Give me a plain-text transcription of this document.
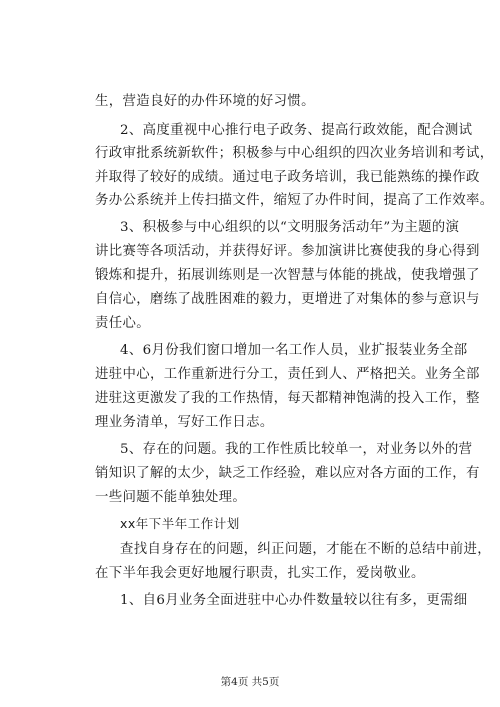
生，营造良好的办件环境的好习惯。
2、高度重视中心推行电子政务、提高行政效能，配合测试
行政审批系统新软件；积极参与中心组织的四次业务培训和考试，
并取得了较好的成绩。通过电子政务培训，我已能熟练的操作政
务办公系统并上传扫描文件，缩短了办件时间，提高了工作效率。
3、积极参与中心组织的以“文明服务活动年”为主题的演
讲比赛等各项活动，并获得好评。参加演讲比赛使我的身心得到
锻炼和提升，拓展训练则是一次智慧与体能的挑战，使我增强了
自信心，磨练了战胜困难的毅力，更增进了对集体的参与意识与
责任心。
4、6月份我们窗口增加一名工作人员，业扩报装业务全部
进驻中心，工作重新进行分工，责任到人、严格把关。业务全部
进驻这更激发了我的工作热情，每天都精神饱满的投入工作，整
理业务清单，写好工作日志。
5、存在的问题。我的工作性质比较单一，对业务以外的营
销知识了解的太少，缺乏工作经验，难以应对各方面的工作，有
一些问题不能单独处理。
xx年下半年工作计划
查找自身存在的问题，纠正问题，才能在不断的总结中前进，
在下半年我会更好地履行职责，扎实工作，爱岗敬业。
1、自6月业务全面进驻中心办件数量较以往有多，更需细
第4页 共5页
